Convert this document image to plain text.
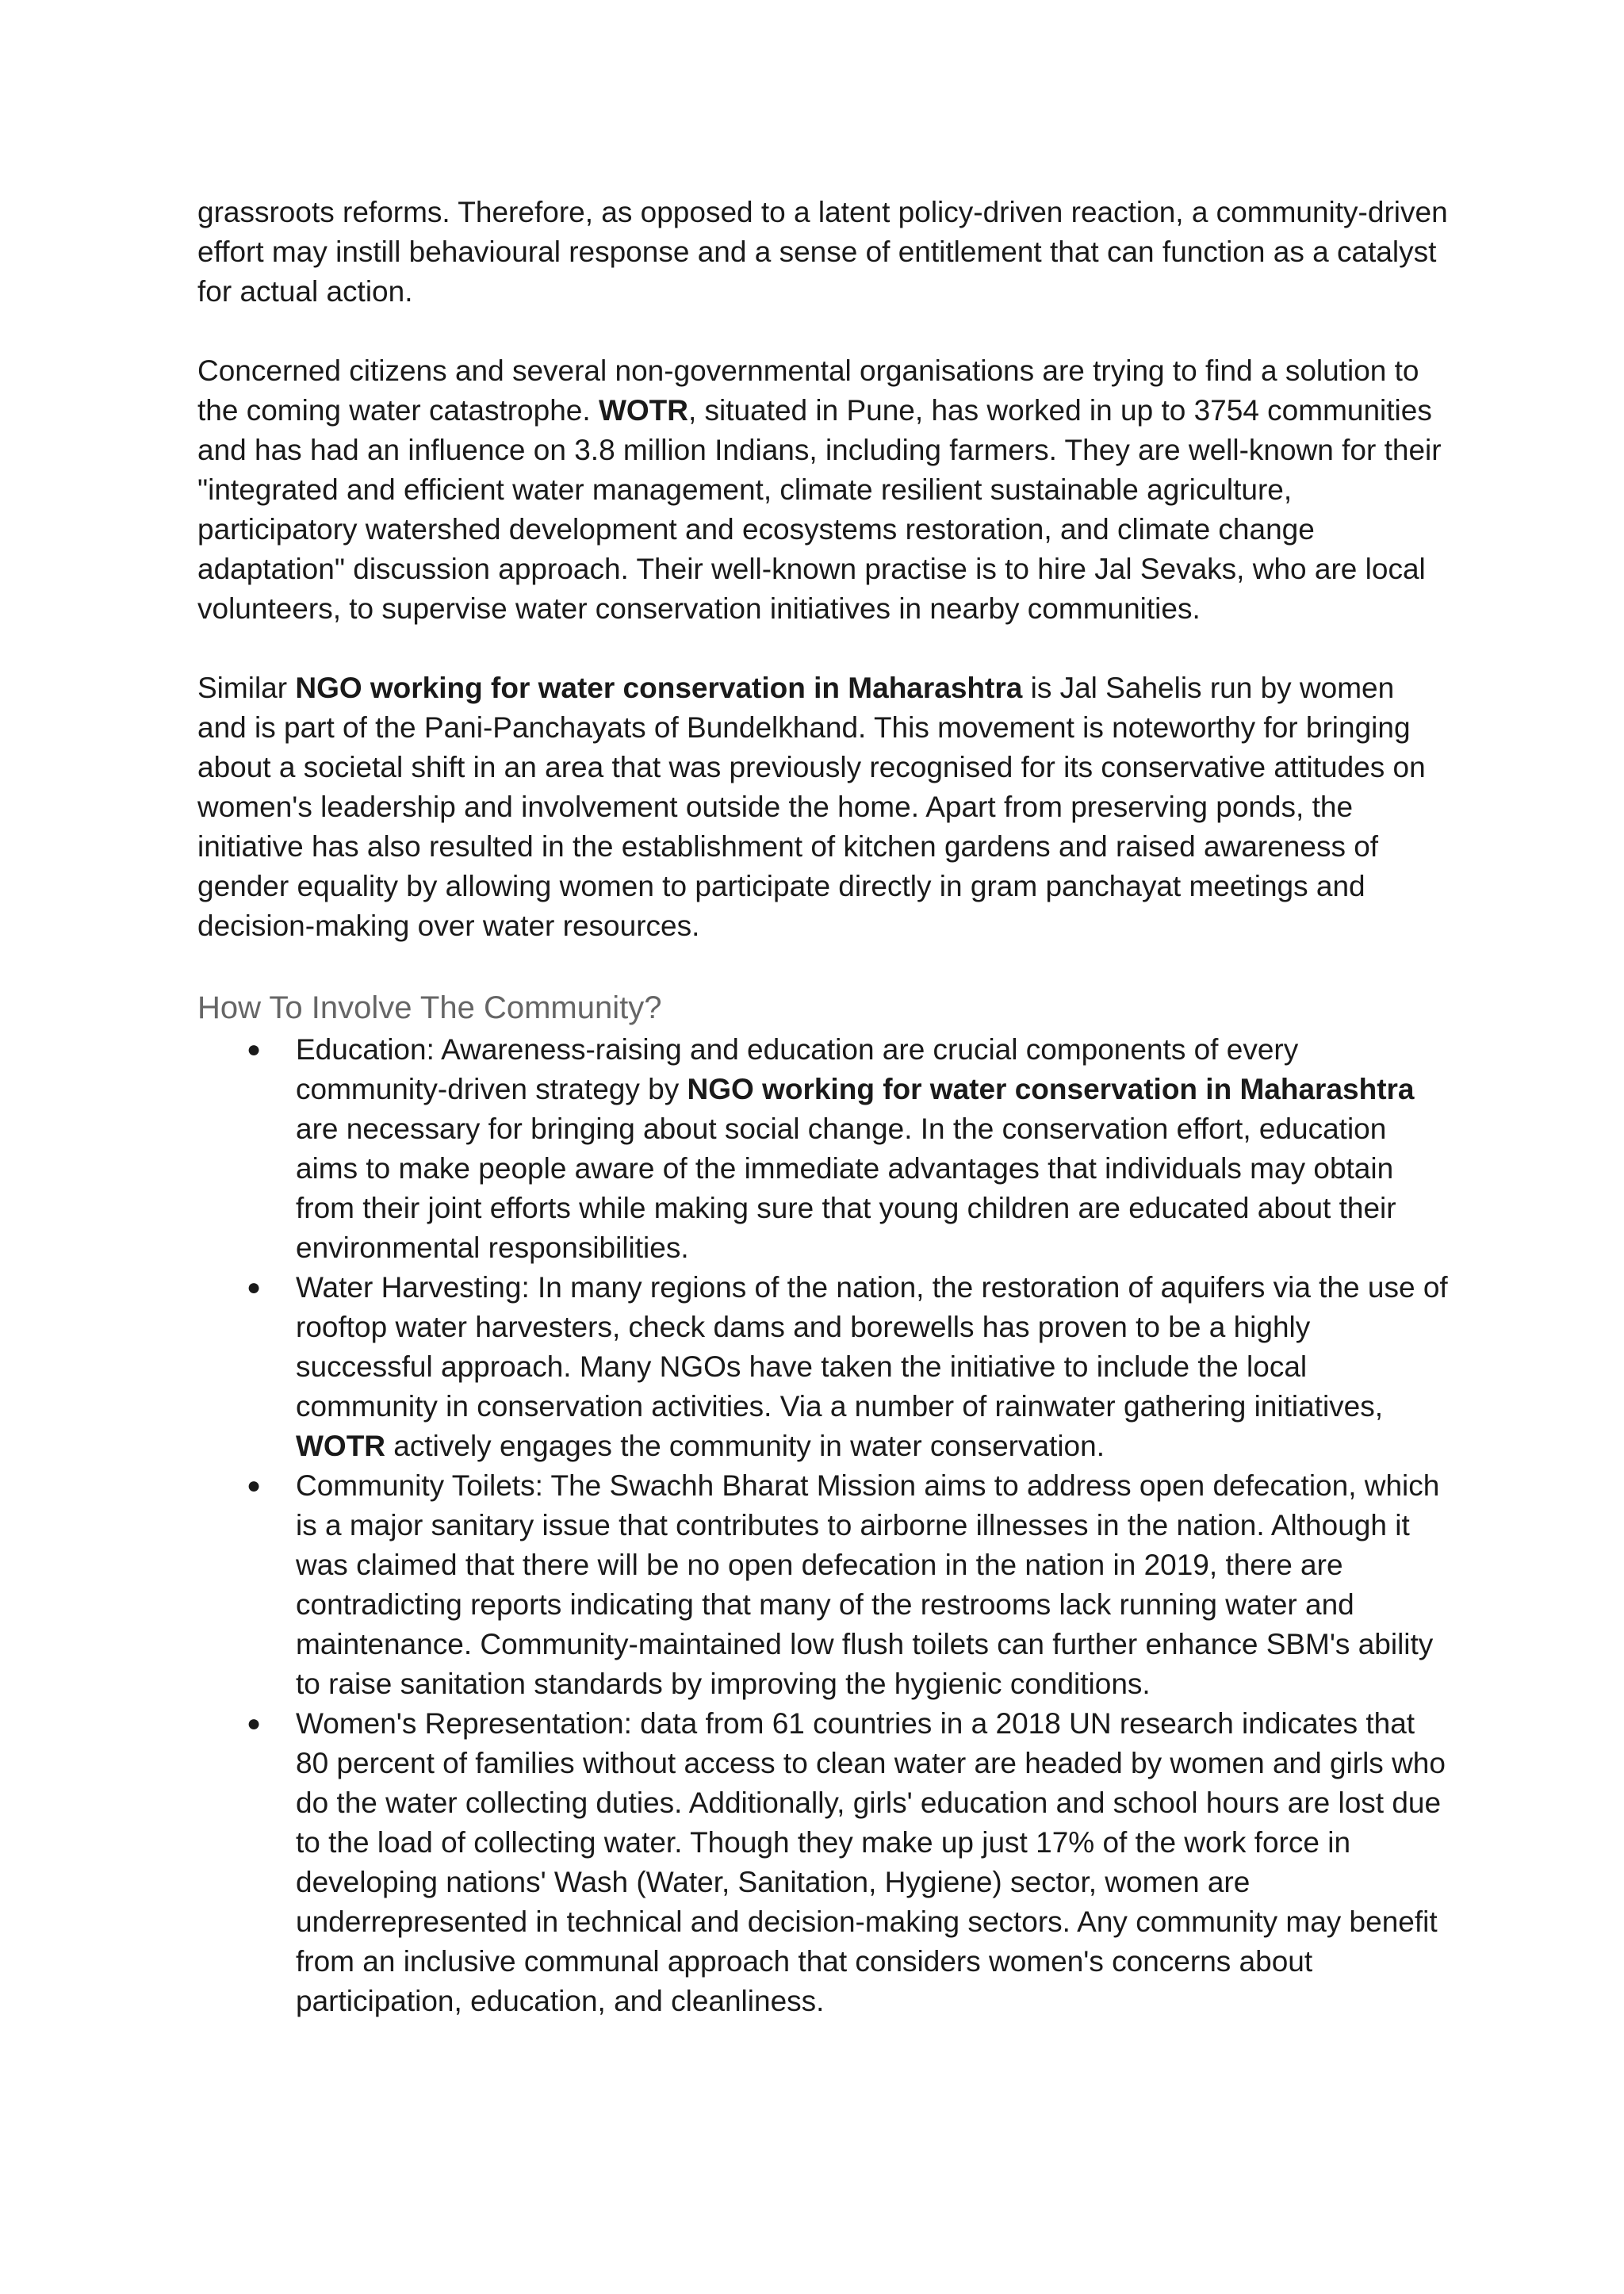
grassroots reforms. Therefore, as opposed to a latent policy-driven reaction, a community-driven effort may instill behavioural response and a sense of entitlement that can function as a catalyst for actual action.

Concerned citizens and several non-governmental organisations are trying to find a solution to the coming water catastrophe. WOTR, situated in Pune, has worked in up to 3754 communities and has had an influence on 3.8 million Indians, including farmers. They are well-known for their "integrated and efficient water management, climate resilient sustainable agriculture, participatory watershed development and ecosystems restoration, and climate change adaptation" discussion approach. Their well-known practise is to hire Jal Sevaks, who are local volunteers, to supervise water conservation initiatives in nearby communities.

Similar NGO working for water conservation in Maharashtra is Jal Sahelis run by women and is part of the Pani-Panchayats of Bundelkhand. This movement is noteworthy for bringing about a societal shift in an area that was previously recognised for its conservative attitudes on women's leadership and involvement outside the home. Apart from preserving ponds, the initiative has also resulted in the establishment of kitchen gardens and raised awareness of gender equality by allowing women to participate directly in gram panchayat meetings and decision-making over water resources.

How To Involve The Community?
● Education: Awareness-raising and education are crucial components of every community-driven strategy by NGO working for water conservation in Maharashtra are necessary for bringing about social change. In the conservation effort, education aims to make people aware of the immediate advantages that individuals may obtain from their joint efforts while making sure that young children are educated about their environmental responsibilities.
● Water Harvesting: In many regions of the nation, the restoration of aquifers via the use of rooftop water harvesters, check dams and borewells has proven to be a highly successful approach. Many NGOs have taken the initiative to include the local community in conservation activities. Via a number of rainwater gathering initiatives, WOTR actively engages the community in water conservation.
● Community Toilets: The Swachh Bharat Mission aims to address open defecation, which is a major sanitary issue that contributes to airborne illnesses in the nation. Although it was claimed that there will be no open defecation in the nation in 2019, there are contradicting reports indicating that many of the restrooms lack running water and maintenance. Community-maintained low flush toilets can further enhance SBM's ability to raise sanitation standards by improving the hygienic conditions.
● Women's Representation: data from 61 countries in a 2018 UN research indicates that 80 percent of families without access to clean water are headed by women and girls who do the water collecting duties. Additionally, girls' education and school hours are lost due to the load of collecting water. Though they make up just 17% of the work force in developing nations' Wash (Water, Sanitation, Hygiene) sector, women are underrepresented in technical and decision-making sectors. Any community may benefit from an inclusive communal approach that considers women's concerns about participation, education, and cleanliness.
